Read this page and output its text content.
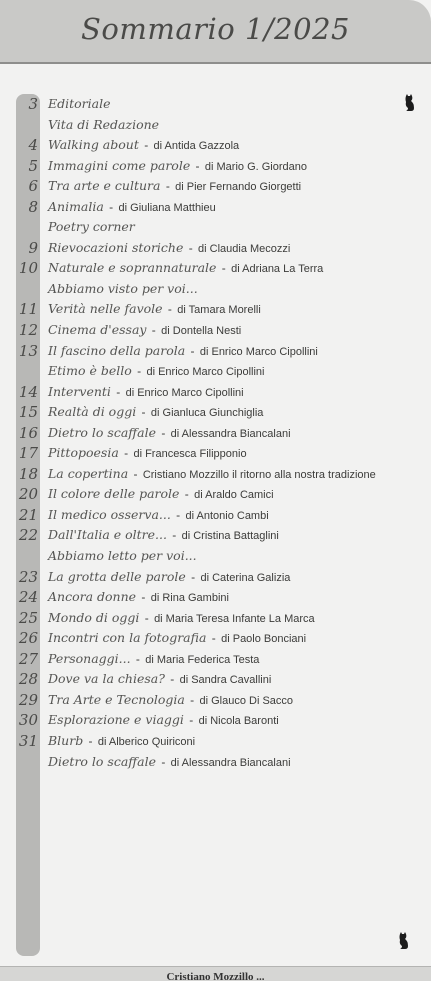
Sommario 1/2025
3 Editoriale
Vita di Redazione
4 Walking about - di Antida Gazzola
5 Immagini come parole - di Mario G. Giordano
6 Tra arte e cultura - di Pier Fernando Giorgetti
8 Animalia - di Giuliana Matthieu
Poetry corner
9 Rievocazioni storiche - di Claudia Mecozzi
10 Naturale e soprannaturale - di Adriana La Terra
Abbiamo visto per voi...
11 Verità nelle favole - di Tamara Morelli
12 Cinema d'essay - di Dontella Nesti
13 Il fascino della parola - di Enrico Marco Cipollini
Etimo è bello - di Enrico Marco Cipollini
14 Interventi - di Enrico Marco Cipollini
15 Realtà di oggi - di Gianluca Giunchiglia
16 Dietro lo scaffale - di Alessandra Biancalani
17 Pittopoesia - di Francesca Filipponio
18 La copertina - Cristiano Mozzillo il ritorno alla nostra tradizione
20 Il colore delle parole - di Araldo Camici
21 Il medico osserva... - di Antonio Cambi
22 Dall'Italia e oltre... - di Cristina Battaglini
Abbiamo letto per voi...
23 La grotta delle parole - di Caterina Galizia
24 Ancora donne - di Rina Gambini
25 Mondo di oggi - di Maria Teresa Infante La Marca
26 Incontri con la fotografia - di Paolo Bonciani
27 Personaggi... - di Maria Federica Testa
28 Dove va la chiesa? - di Sandra Cavallini
29 Tra Arte e Tecnologia - di Glauco Di Sacco
30 Esplorazione e viaggi - di Nicola Baronti
31 Blurb - di Alberico Quiriconi
Dietro lo scaffale - di Alessandra Biancalani
Cristiano Mozzillo ...
